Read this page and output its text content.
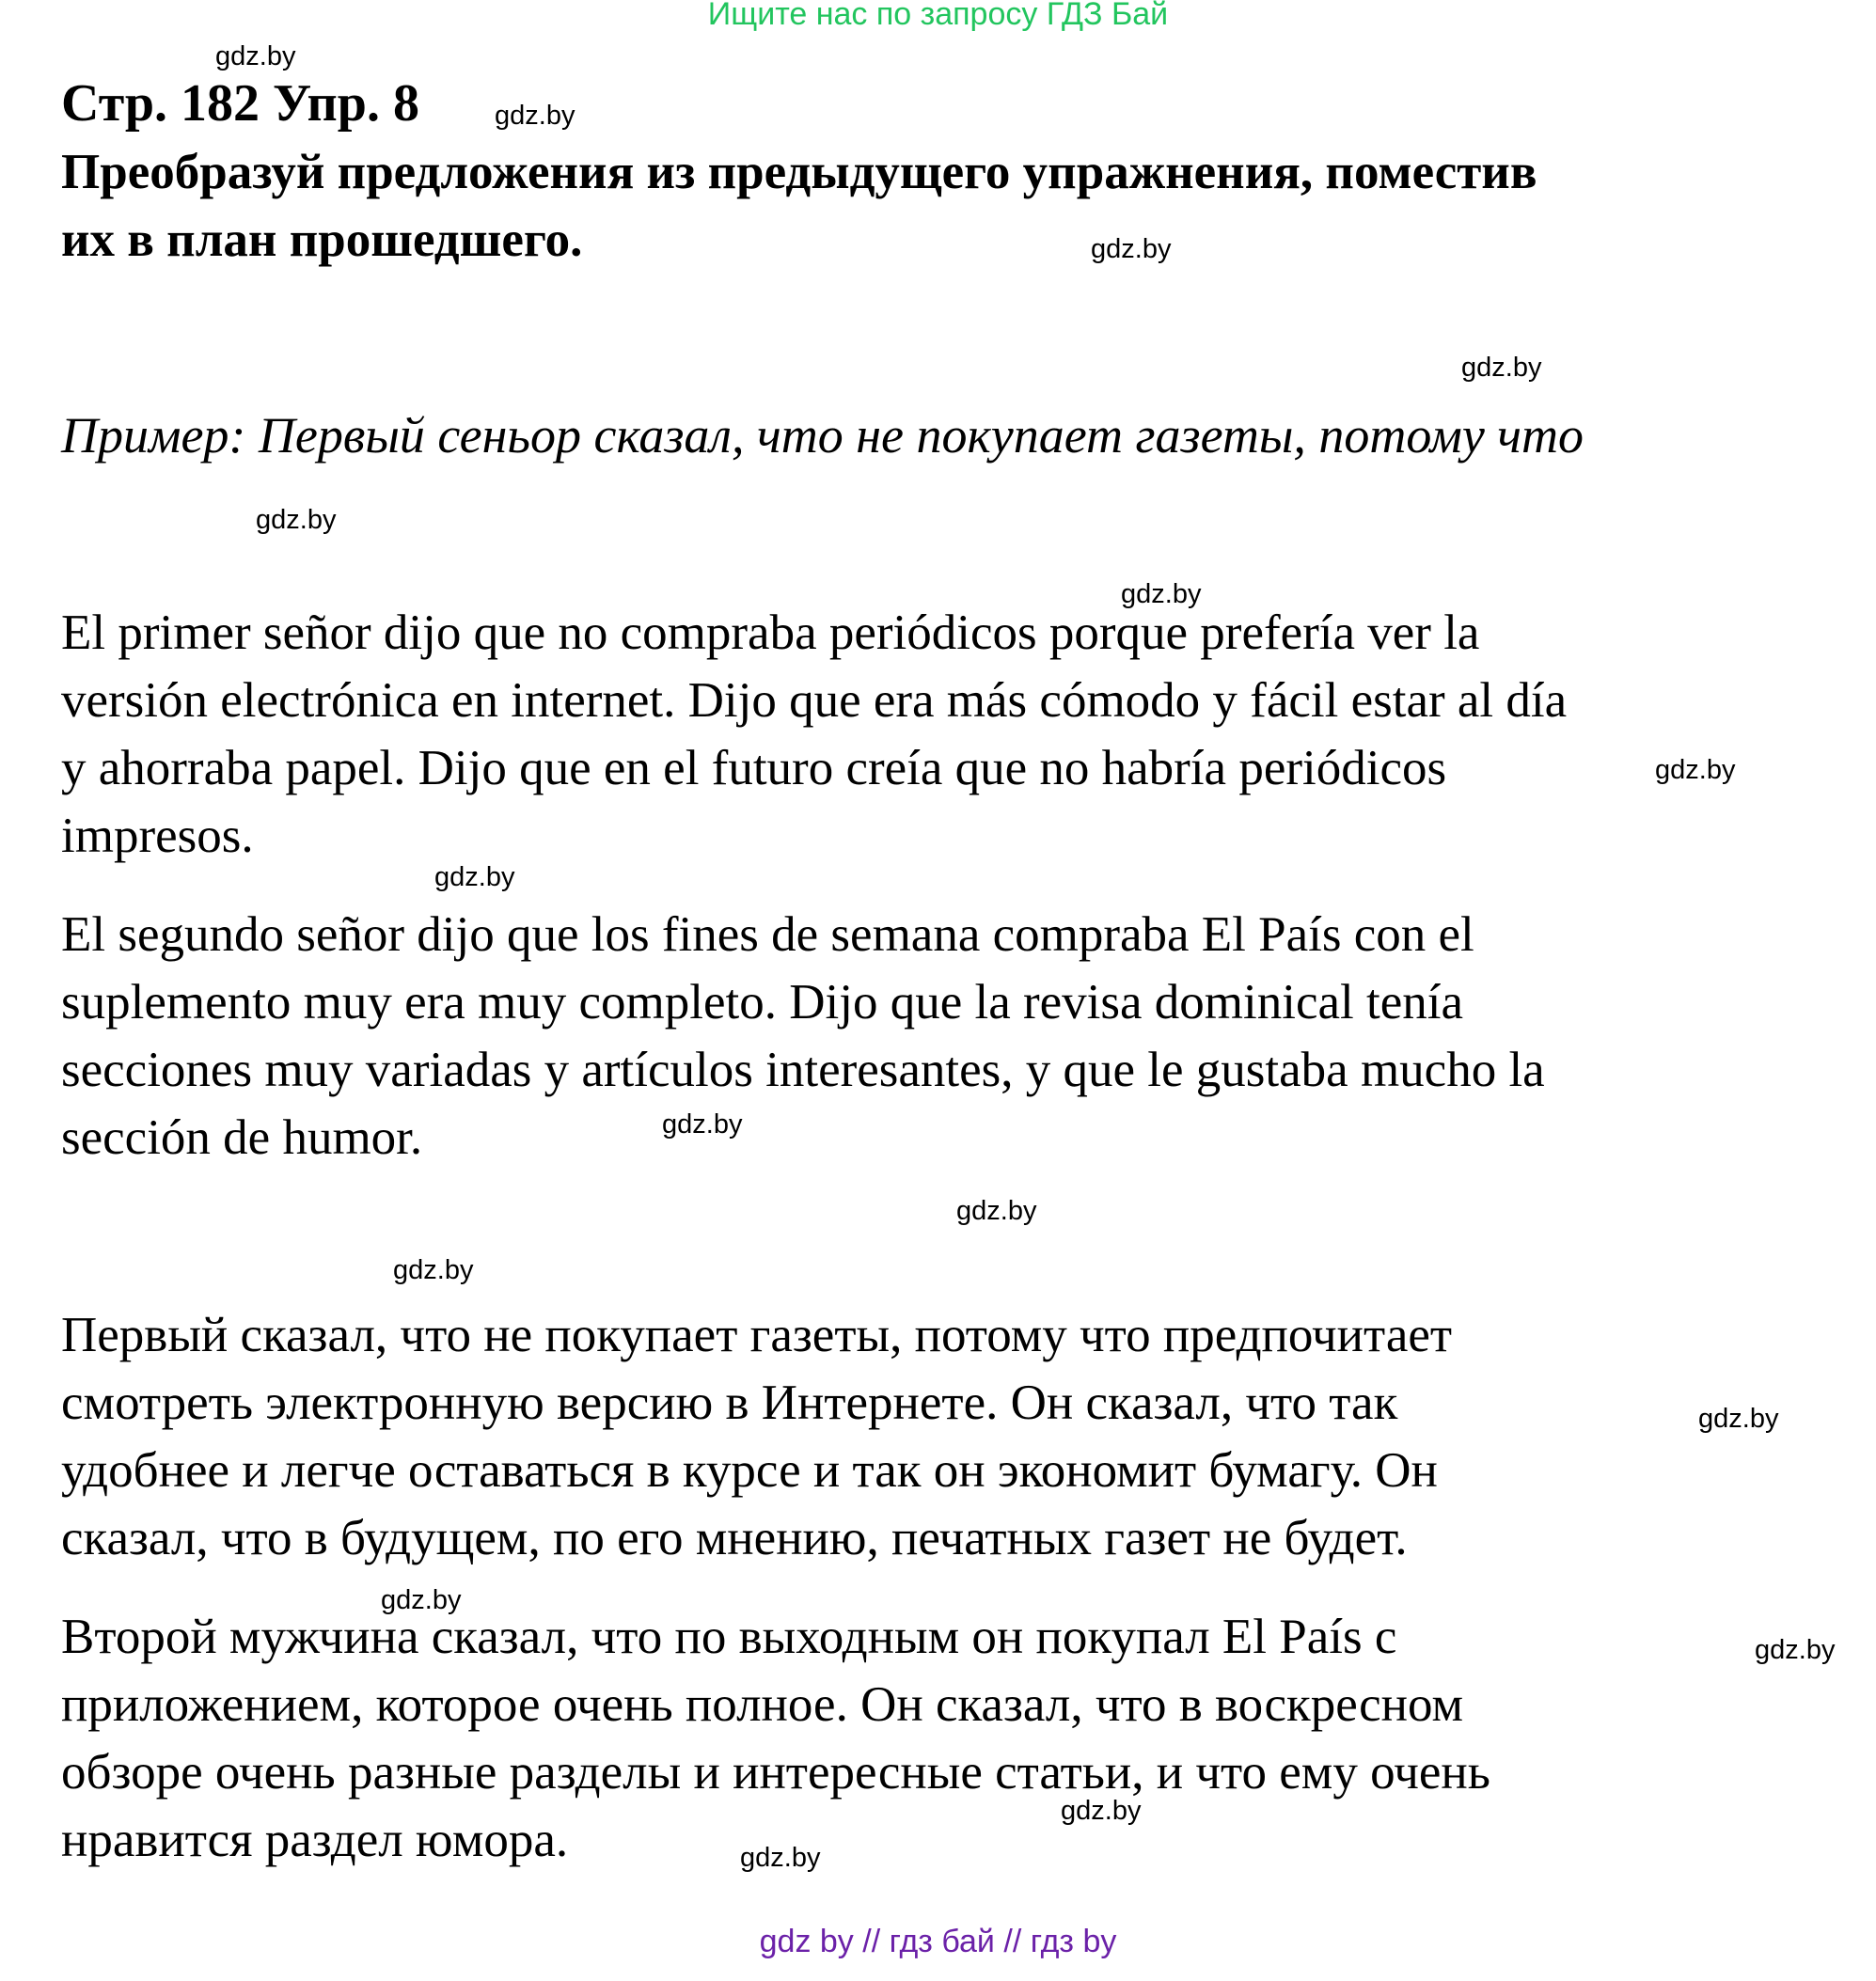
Ищите нас по запросу ГДЗ Бай
Стр. 182 Упр. 8
Преобразуй предложения из предыдущего упражнения, поместив
их в план прошедшего.
Пример: Первый сеньор сказал, что не покупает газеты, потому что
El primer señor dijo que no compraba periódicos porque prefería ver la
versión electrónica en internet. Dijo que era más cómodo y fácil estar al día
y ahorraba papel. Dijo que en el futuro creía que no habría periódicos
impresos.
El segundo señor dijo que los fines de semana compraba El País con el
suplemento muy era muy completo. Dijo que la revisa dominical tenía
secciones muy variadas y artículos interesantes, y que le gustaba mucho la
sección de humor.
Первый сказал, что не покупает газеты, потому что предпочитает
смотреть электронную версию в Интернете. Он сказал, что так
удобнее и легче оставаться в курсе и так он экономит бумагу. Он
сказал, что в будущем, по его мнению, печатных газет не будет.
Второй мужчина сказал, что по выходным он покупал El País с
приложением, которое очень полное. Он сказал, что в воскресном
обзоре очень разные разделы и интересные статьи, и что ему очень
нравится раздел юмора.
gdz.by
gdz.by
gdz.by
gdz.by
gdz.by
gdz.by
gdz.by
gdz.by
gdz.by
gdz.by
gdz.by
gdz.by
gdz.by
gdz.by
gdz.by
gdz.by
gdz by // гдз бай // гдз by
